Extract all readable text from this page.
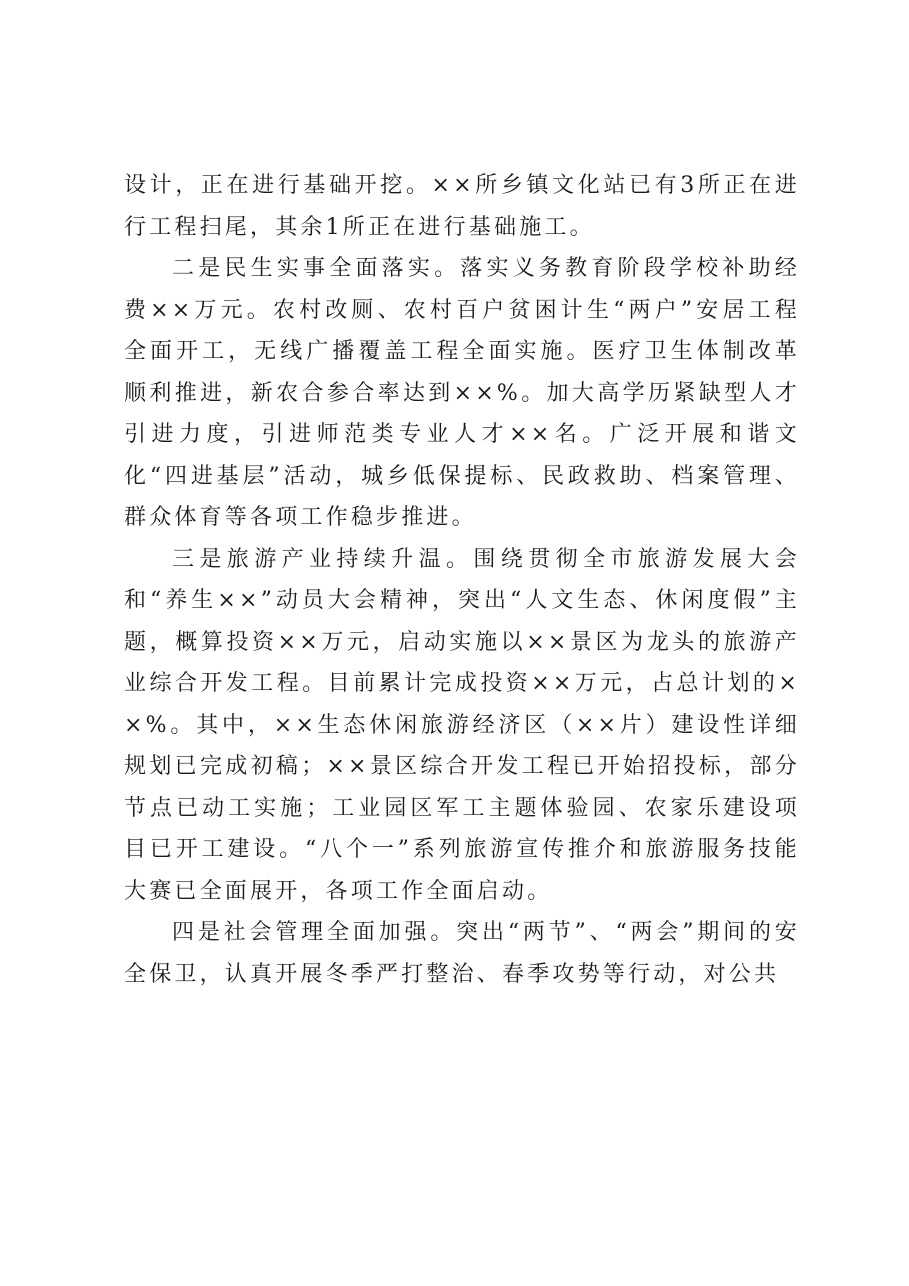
设计，正在进行基础开挖。××所乡镇文化站已有3所正在进行工程扫尾，其余1所正在进行基础施工。

二是民生实事全面落实。落实义务教育阶段学校补助经费××万元。农村改厕、农村百户贫困计生“两户”安居工程全面开工，无线广播覆盖工程全面实施。医疗卫生体制改革顺利推进，新农合参合率达到××%。加大高学历紧缺型人才引进力度，引进师范类专业人才××名。广泛开展和谐文化“四进基层”活动，城乡低保提标、民政救助、档案管理、群众体育等各项工作稳步推进。

三是旅游产业持续升温。围绕贯彻全市旅游发展大会和“养生××”动员大会精神，突出“人文生态、休闲度假”主题，概算投资××万元，启动实施以××景区为龙头的旅游产业综合开发工程。目前累计完成投资××万元，占总计划的××%。其中，××生态休闲旅游经济区（××片）建设性详细规划已完成初稿；××景区综合开发工程已开始招投标，部分节点已动工实施；工业园区军工主题体验园、农家乐建设项目已开工建设。“八个一”系列旅游宣传推介和旅游服务技能大赛已全面展开，各项工作全面启动。

四是社会管理全面加强。突出“两节”、“两会”期间的安全保卫，认真开展冬季严打整治、春季攻势等行动，对公共
